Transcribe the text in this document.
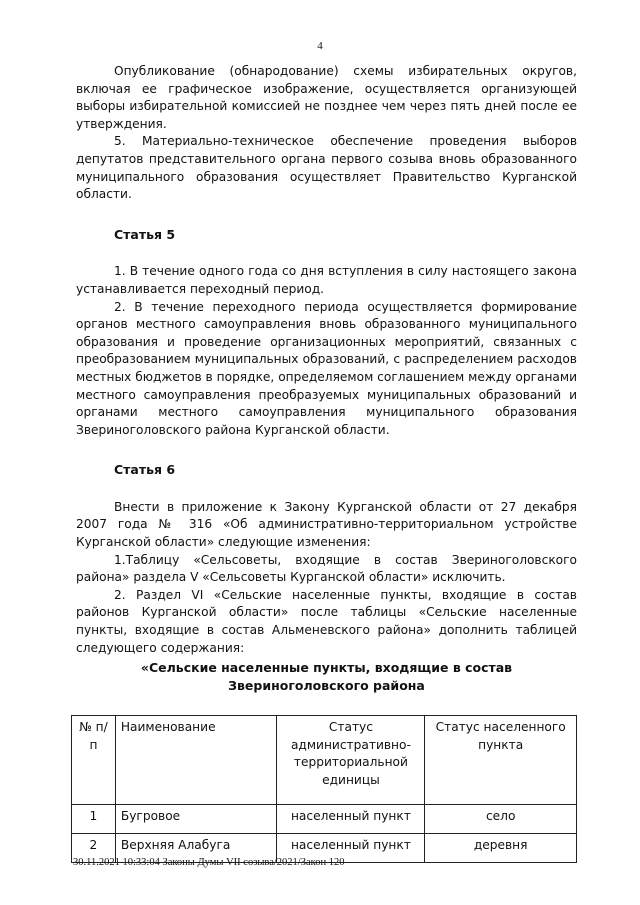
4

Опубликование (обнародование) схемы избирательных округов, включая ее графическое изображение, осуществляется организующей выборы избирательной комиссией не позднее чем через пять дней после ее утверждения.

5. Материально-техническое обеспечение проведения выборов депутатов представительного органа первого созыва вновь образованного муниципального образования осуществляет Правительство Курганской области.

Статья 5

1. В течение одного года со дня вступления в силу настоящего закона устанавливается переходный период.

2. В течение переходного периода осуществляется формирование органов местного самоуправления вновь образованного муниципального образования и проведение организационных мероприятий, связанных с преобразованием муниципальных образований, с распределением расходов местных бюджетов в порядке, определяемом соглашением между органами местного самоуправления преобразуемых муниципальных образований и органами местного самоуправления муниципального образования Звериноголовского района Курганской области.

Статья 6

Внести в приложение к Закону Курганской области от 27 декабря 2007 года № 316 «Об административно-территориальном устройстве Курганской области» следующие изменения:

1.Таблицу «Сельсоветы, входящие в состав Звериноголовского района» раздела V «Сельсоветы Курганской области» исключить.

2. Раздел VI «Сельские населенные пункты, входящие в состав районов Курганской области» после таблицы «Сельские населенные пункты, входящие в состав Альменевского района» дополнить таблицей следующего содержания:

«Сельские населенные пункты, входящие в состав
Звериноголовского района
№ п/п	Наименование	Статус административно-территориальной единицы	Статус населенного пункта
1	Бугровое	населенный пункт	село
2	Верхняя Алабуга	населенный пункт	деревня
30.11.2021 10:33:04 Законы Думы VII созыва/2021/Закон 120
